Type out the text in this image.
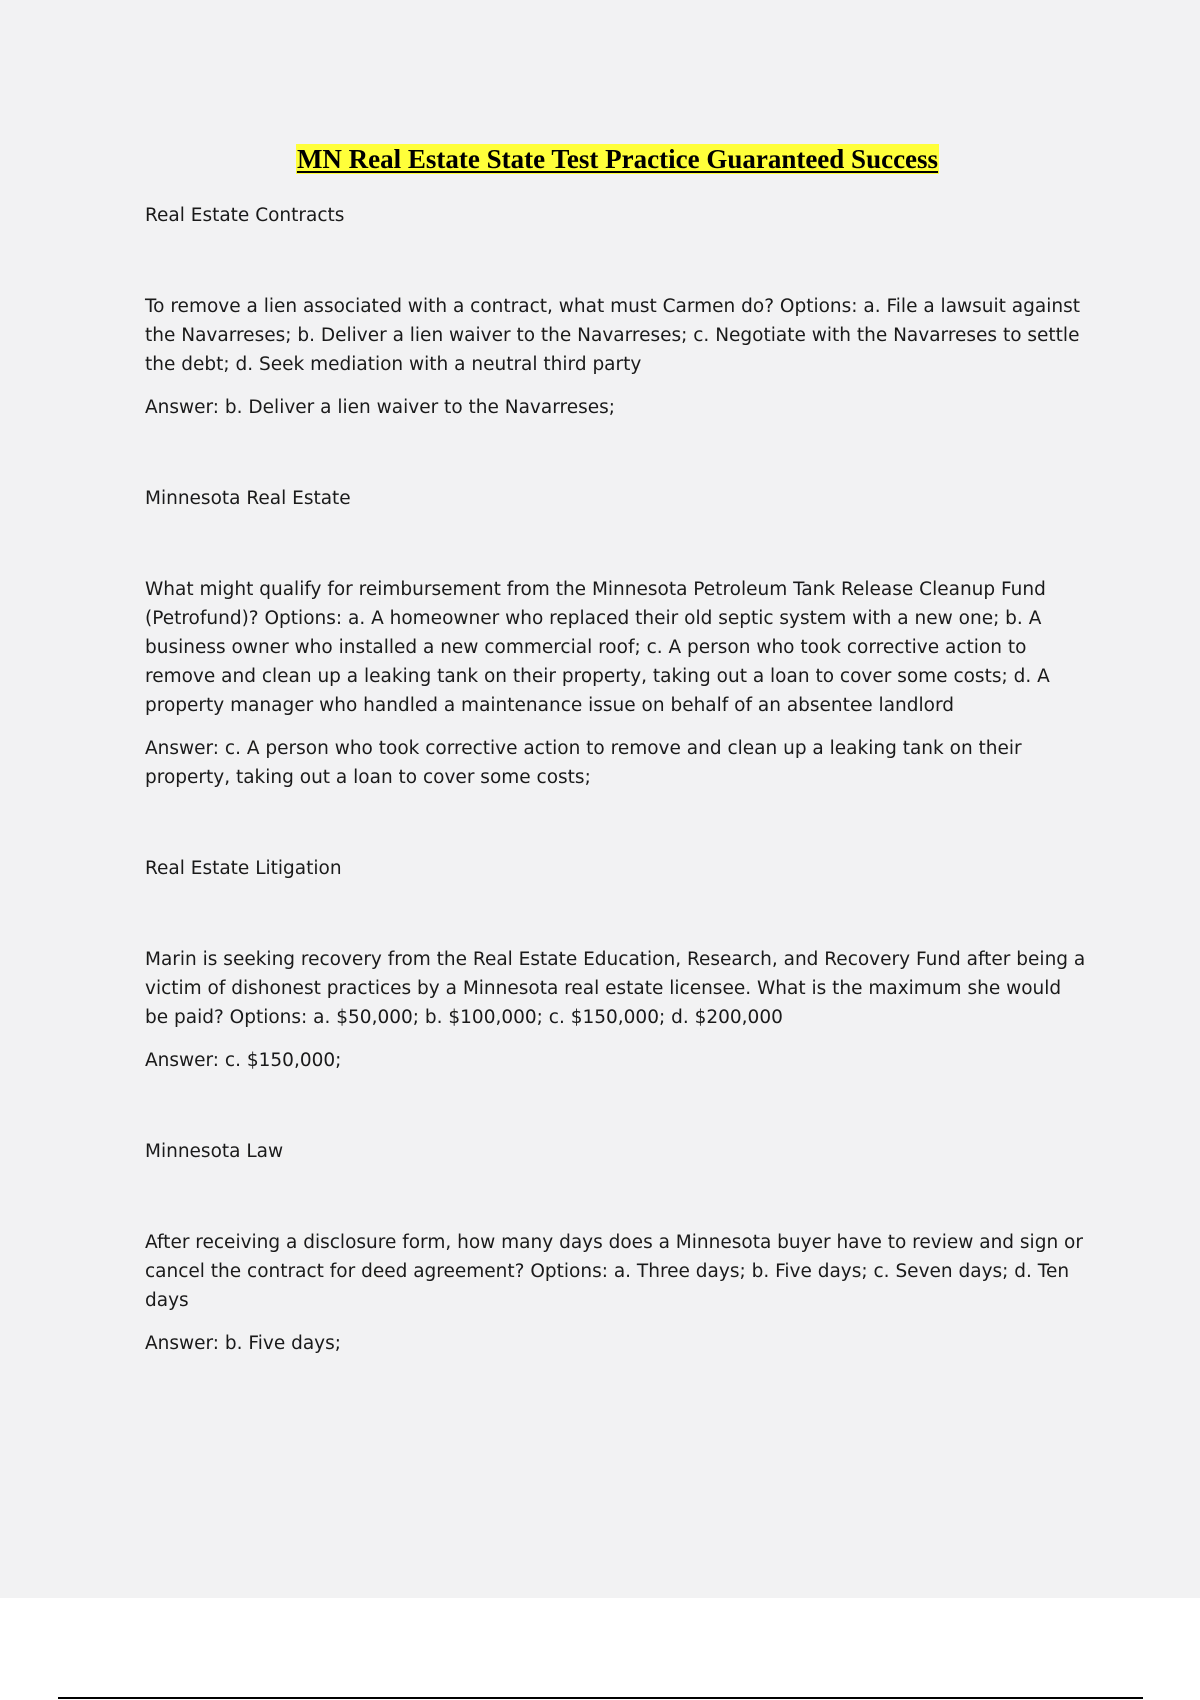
MN Real Estate State Test Practice Guaranteed Success

Real Estate Contracts

To remove a lien associated with a contract, what must Carmen do? Options: a. File a lawsuit against the Navarreses; b. Deliver a lien waiver to the Navarreses; c. Negotiate with the Navarreses to settle the debt; d. Seek mediation with a neutral third party

Answer: b. Deliver a lien waiver to the Navarreses;

Minnesota Real Estate

What might qualify for reimbursement from the Minnesota Petroleum Tank Release Cleanup Fund (Petrofund)? Options: a. A homeowner who replaced their old septic system with a new one; b. A business owner who installed a new commercial roof; c. A person who took corrective action to remove and clean up a leaking tank on their property, taking out a loan to cover some costs; d. A property manager who handled a maintenance issue on behalf of an absentee landlord

Answer: c. A person who took corrective action to remove and clean up a leaking tank on their property, taking out a loan to cover some costs;

Real Estate Litigation

Marin is seeking recovery from the Real Estate Education, Research, and Recovery Fund after being a victim of dishonest practices by a Minnesota real estate licensee. What is the maximum she would be paid? Options: a. $50,000; b. $100,000; c. $150,000; d. $200,000

Answer: c. $150,000;

Minnesota Law

After receiving a disclosure form, how many days does a Minnesota buyer have to review and sign or cancel the contract for deed agreement? Options: a. Three days; b. Five days; c. Seven days; d. Ten days

Answer: b. Five days;
